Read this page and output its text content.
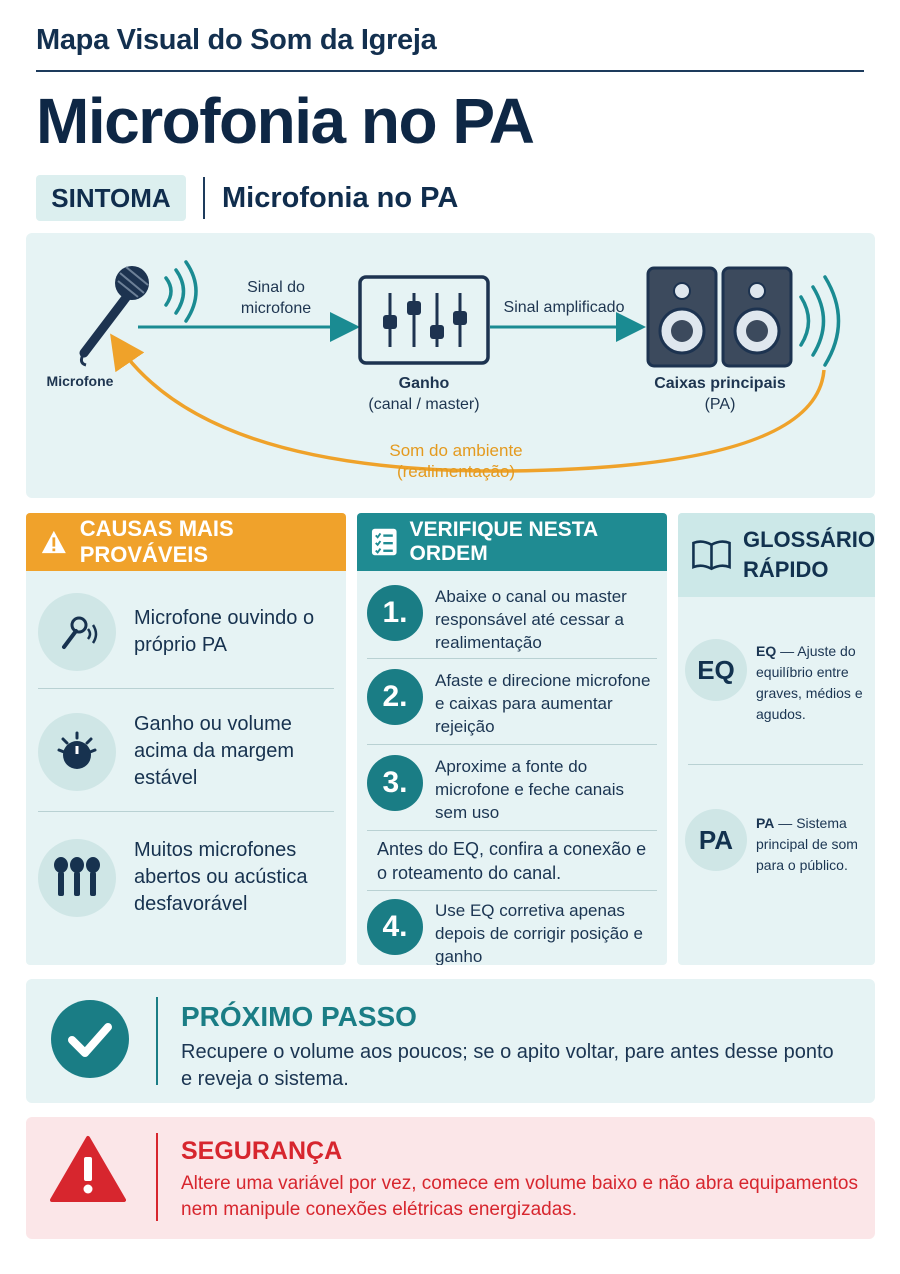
Mapa Visual do Som da Igreja
Microfonia no PA
SINTOMA	Microfonia no PA
Microfone
Sinal do microfone
Ganho
(canal / master)
Sinal amplificado
Caixas principais
(PA)
Som do ambiente
(realimentação)
CAUSAS MAIS PROVÁVEIS
Microfone ouvindo o próprio PA
Ganho ou volume acima da margem estável
Muitos microfones abertos ou acústica desfavorável
VERIFIQUE NESTA ORDEM
1.	Abaixe o canal ou master responsável até cessar a realimentação
2.	Afaste e direcione microfone e caixas para aumentar rejeição
3.	Aproxime a fonte do microfone e feche canais sem uso
Antes do EQ, confira a conexão e o roteamento do canal.
4.	Use EQ corretiva apenas depois de corrigir posição e ganho
GLOSSÁRIO
RÁPIDO
EQ
EQ — Ajuste do equilíbrio entre graves, médios e agudos.
PA
PA — Sistema principal de som para o público.
PRÓXIMO PASSO
Recupere o volume aos poucos; se o apito voltar, pare antes desse ponto e reveja o sistema.
SEGURANÇA
Altere uma variável por vez, comece em volume baixo e não abra equipamentos nem manipule conexões elétricas energizadas.
